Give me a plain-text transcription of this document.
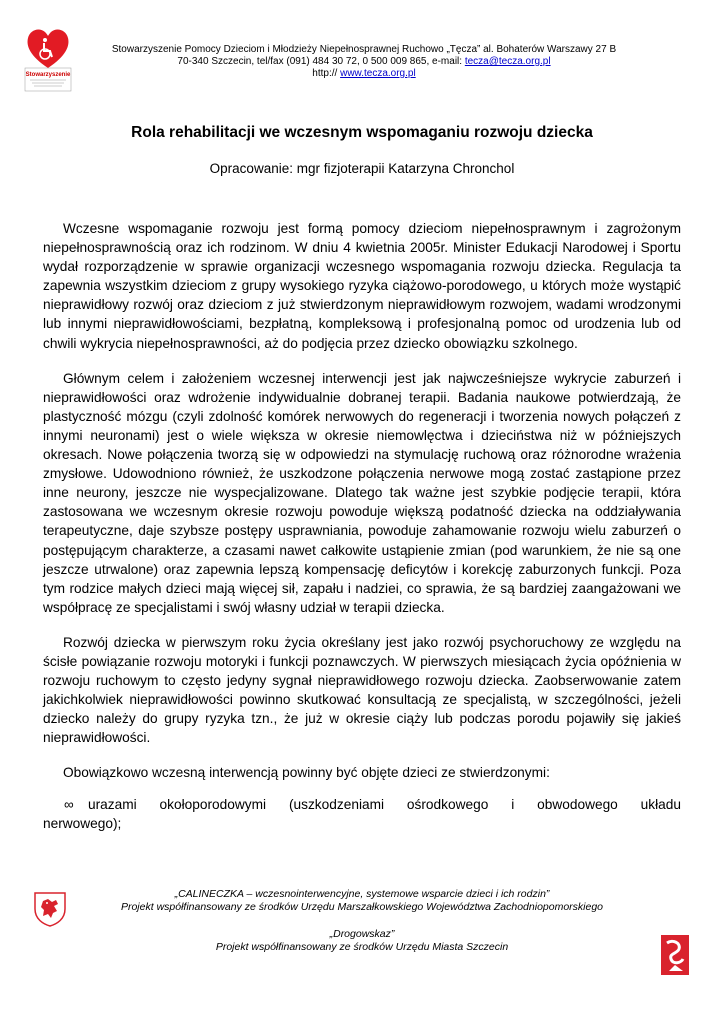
Stowarzyszenie
Stowarzyszenie Pomocy Dzieciom i Młodzieży Niepełnosprawnej Ruchowo „Tęcza” al. Bohaterów Warszawy 27 B
70-340 Szczecin, tel/fax (091) 484 30 72, 0 500 009 865, e-mail: tecza@tecza.org.pl
http:// www.tecza.org.pl
Rola rehabilitacji we wczesnym wspomaganiu rozwoju dziecka
Opracowanie: mgr fizjoterapii Katarzyna Chronchol

Wczesne wspomaganie rozwoju jest formą pomocy dzieciom niepełnosprawnym i zagrożonym niepełnosprawnością oraz ich rodzinom. W dniu 4 kwietnia 2005r. Minister Edukacji Narodowej i Sportu wydał rozporządzenie w sprawie organizacji wczesnego wspomagania rozwoju dziecka. Regulacja ta zapewnia wszystkim dzieciom z grupy wysokiego ryzyka ciążowo-porodowego, u których może wystąpić nieprawidłowy rozwój oraz dzieciom z już stwierdzonym nieprawidłowym rozwojem, wadami wrodzonymi lub innymi nieprawidłowościami, bezpłatną, kompleksową i profesjonalną pomoc od urodzenia lub od chwili wykrycia niepełnosprawności, aż do podjęcia przez dziecko obowiązku szkolnego.

Głównym celem i założeniem wczesnej interwencji jest jak najwcześniejsze wykrycie zaburzeń i nieprawidłowości oraz wdrożenie indywidualnie dobranej terapii. Badania naukowe potwierdzają, że plastyczność mózgu (czyli zdolność komórek nerwowych do regeneracji i tworzenia nowych połączeń z innymi neuronami) jest o wiele większa w okresie niemowlęctwa i dzieciństwa niż w późniejszych okresach. Nowe połączenia tworzą się w odpowiedzi na stymulację ruchową oraz różnorodne wrażenia zmysłowe. Udowodniono również, że uszkodzone połączenia nerwowe mogą zostać zastąpione przez inne neurony, jeszcze nie wyspecjalizowane. Dlatego tak ważne jest szybkie podjęcie terapii, która zastosowana we wczesnym okresie rozwoju powoduje większą podatność dziecka na oddziaływania terapeutyczne, daje szybsze postępy usprawniania, powoduje zahamowanie rozwoju wielu zaburzeń o postępującym charakterze, a czasami nawet całkowite ustąpienie zmian (pod warunkiem, że nie są one jeszcze utrwalone) oraz zapewnia lepszą kompensację deficytów i korekcję zaburzonych funkcji. Poza tym rodzice małych dzieci mają więcej sił, zapału i nadziei, co sprawia, że są bardziej zaangażowani we współpracę ze specjalistami i swój własny udział w terapii dziecka.

Rozwój dziecka w pierwszym roku życia określany jest jako rozwój psychoruchowy ze względu na ścisłe powiązanie rozwoju motoryki i funkcji poznawczych. W pierwszych miesiącach życia opóźnienia w rozwoju ruchowym to często jedyny sygnał nieprawidłowego rozwoju dziecka. Zaobserwowanie zatem jakichkolwiek nieprawidłowości powinno skutkować konsultacją ze specjalistą, w szczególności, jeżeli dziecko należy do grupy ryzyka tzn., że już w okresie ciąży lub podczas porodu pojawiły się jakieś nieprawidłowości.

Obowiązkowo wczesną interwencją powinny być objęte dzieci ze stwierdzonymi:

∞	urazami okołoporodowymi (uszkodzeniami ośrodkowego i obwodowego układu
nerwowego);
„CALINECZKA – wczesnointerwencyjne, systemowe wsparcie dzieci i ich rodzin”
Projekt współfinansowany ze środków Urzędu Marszałkowskiego Województwa Zachodniopomorskiego
„Drogowskaz”
Projekt współfinansowany ze środków Urzędu Miasta Szczecin
